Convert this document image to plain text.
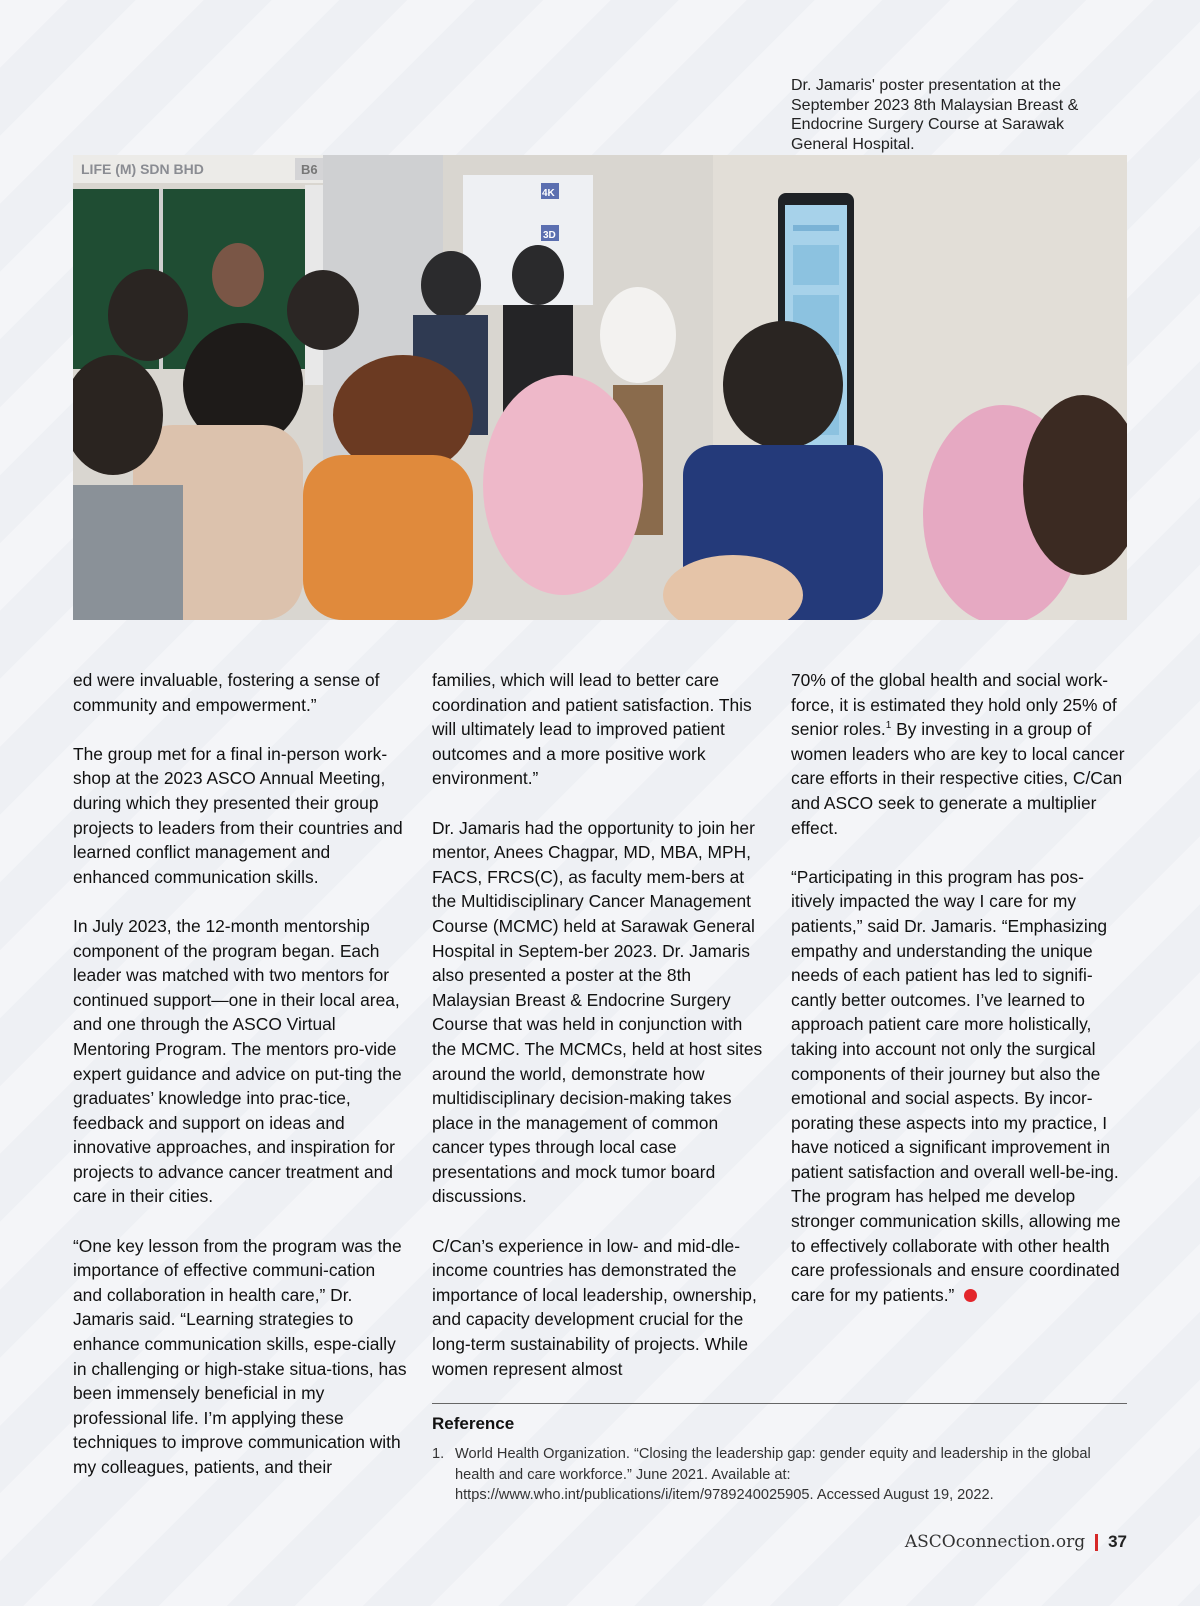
Dr. Jamaris' poster presentation at the September 2023 8th Malaysian Breast & Endocrine Surgery Course at Sarawak General Hospital.

LIFE (M) SDN BHD	B6
4K
3D

ed were invaluable, fostering a sense of community and empowerment.”

The group met for a final in-person work-shop at the 2023 ASCO Annual Meeting, during which they presented their group projects to leaders from their countries and learned conflict management and enhanced communication skills.

In July 2023, the 12-month mentorship component of the program began. Each leader was matched with two mentors for continued support—one in their local area, and one through the ASCO Virtual Mentoring Program. The mentors pro-vide expert guidance and advice on put-ting the graduates’ knowledge into prac-tice, feedback and support on ideas and innovative approaches, and inspiration for projects to advance cancer treatment and care in their cities.

“One key lesson from the program was the importance of effective communi-cation and collaboration in health care,” Dr. Jamaris said. “Learning strategies to enhance communication skills, espe-cially in challenging or high-stake situa-tions, has been immensely beneficial in my professional life. I’m applying these techniques to improve communication with my colleagues, patients, and their

families, which will lead to better care coordination and patient satisfaction. This will ultimately lead to improved patient outcomes and a more positive work environment.”

Dr. Jamaris had the opportunity to join her mentor, Anees Chagpar, MD, MBA, MPH, FACS, FRCS(C), as faculty mem-bers at the Multidisciplinary Cancer Management Course (MCMC) held at Sarawak General Hospital in Septem-ber 2023. Dr. Jamaris also presented a poster at the 8th Malaysian Breast & Endocrine Surgery Course that was held in conjunction with the MCMC. The MCMCs, held at host sites around the world, demonstrate how multidisciplinary decision-making takes place in the management of common cancer types through local case presentations and mock tumor board discussions.

C/Can’s experience in low- and mid-dle-income countries has demonstrated the importance of local leadership, ownership, and capacity development crucial for the long-term sustainability of projects. While women represent almost

70% of the global health and social work-force, it is estimated they hold only 25% of senior roles.$^1$ By investing in a group of women leaders who are key to local cancer care efforts in their respective cities, C/Can and ASCO seek to generate a multiplier effect.

“Participating in this program has pos-itively impacted the way I care for my patients,” said Dr. Jamaris. “Emphasizing empathy and understanding the unique needs of each patient has led to signifi-cantly better outcomes. I’ve learned to approach patient care more holistically, taking into account not only the surgical components of their journey but also the emotional and social aspects. By incor-porating these aspects into my practice, I have noticed a significant improvement in patient satisfaction and overall well-be-ing. The program has helped me develop stronger communication skills, allowing me to effectively collaborate with other health care professionals and ensure coordinated care for my patients.”

Reference
1. World Health Organization. “Closing the leadership gap: gender equity and leadership in the global health and care workforce.” June 2021. Available at: https://www.who.int/publications/i/item/9789240025905. Accessed August 19, 2022.
ASCOconnection.org 37
